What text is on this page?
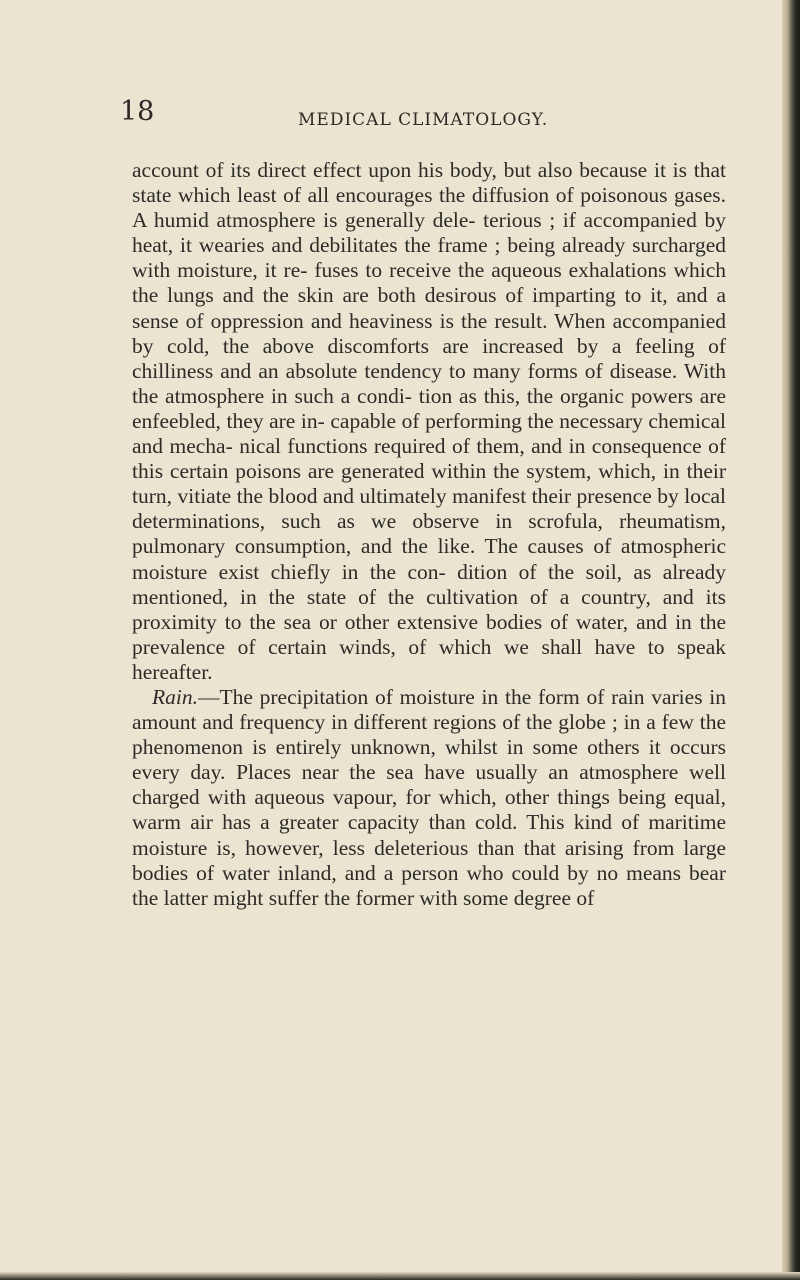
18	MEDICAL CLIMATOLOGY.

account of its direct effect upon his body, but also because it is that state which least of all encourages the diffusion of poisonous gases. A humid atmosphere is generally dele- terious ; if accompanied by heat, it wearies and debilitates the frame ; being already surcharged with moisture, it re- fuses to receive the aqueous exhalations which the lungs and the skin are both desirous of imparting to it, and a sense of oppression and heaviness is the result. When accompanied by cold, the above discomforts are increased by a feeling of chilliness and an absolute tendency to many forms of disease. With the atmosphere in such a condi- tion as this, the organic powers are enfeebled, they are in- capable of performing the necessary chemical and mecha- nical functions required of them, and in consequence of this certain poisons are generated within the system, which, in their turn, vitiate the blood and ultimately manifest their presence by local determinations, such as we observe in scrofula, rheumatism, pulmonary consumption, and the like. The causes of atmospheric moisture exist chiefly in the con- dition of the soil, as already mentioned, in the state of the cultivation of a country, and its proximity to the sea or other extensive bodies of water, and in the prevalence of certain winds, of which we shall have to speak hereafter.

Rain.—The precipitation of moisture in the form of rain varies in amount and frequency in different regions of the globe ; in a few the phenomenon is entirely unknown, whilst in some others it occurs every day. Places near the sea have usually an atmosphere well charged with aqueous vapour, for which, other things being equal, warm air has a greater capacity than cold. This kind of maritime moisture is, however, less deleterious than that arising from large bodies of water inland, and a person who could by no means bear the latter might suffer the former with some degree of
